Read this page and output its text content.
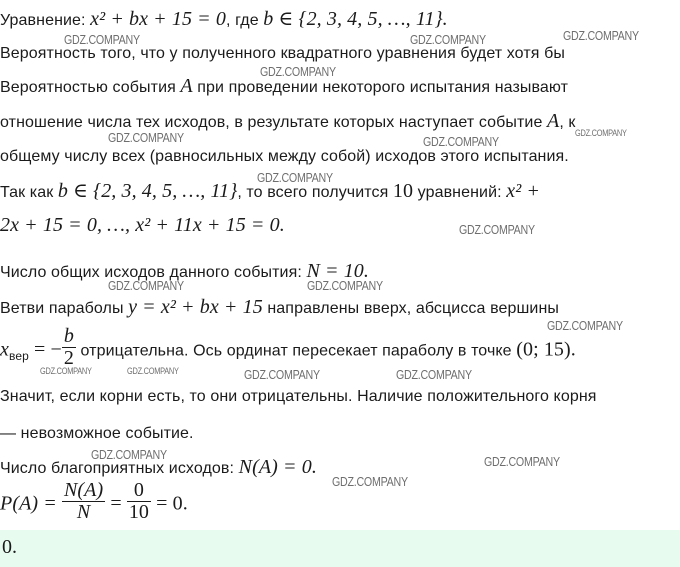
Уравнение: x² + bx + 15 = 0, где b ∈ {2, 3, 4, 5, …, 11}.
Вероятность того, что у полученного квадратного уравнения будет хотя бы
Вероятностью события A при проведении некоторого испытания называют
отношение числа тех исходов, в результате которых наступает событие A, к
общему числу всех (равносильных между собой) исходов этого испытания.
Так как b ∈ {2, 3, 4, 5, …, 11}, то всего получится 10 уравнений: x² +
2x + 15 = 0, …, x² + 11x + 15 = 0.
Число общих исходов данного события: N = 10.
Ветви параболы y = x² + bx + 15 направлены вверх, абсцисса вершины
$x_{вер}$ = − $\frac{b}{2}$ отрицательна. Ось ординат пересекает параболу в точке (0; 15).
Значит, если корни есть, то они отрицательны. Наличие положительного корня
— невозможное событие.
Число благоприятных исходов: N(A) = 0.
$P(A) = \frac{N(A)}{N} = \frac{0}{10} = 0$.
0.
GDZ.COMPANY	GDZ.COMPANY	GDZ.COMPANY
GDZ.COMPANY
GDZ.COMPANY	GDZ.COMPANY
GDZ.COMPANY
GDZ.COMPANY
GDZ.COMPANY
GDZ.COMPANY	GDZ.COMPANY
GDZ.COMPANY
GDZ.COMPANY	GDZ.COMPANY	GDZ.COMPANY	GDZ.COMPANY
GDZ.COMPANY	GDZ.COMPANY
GDZ.COMPANY
